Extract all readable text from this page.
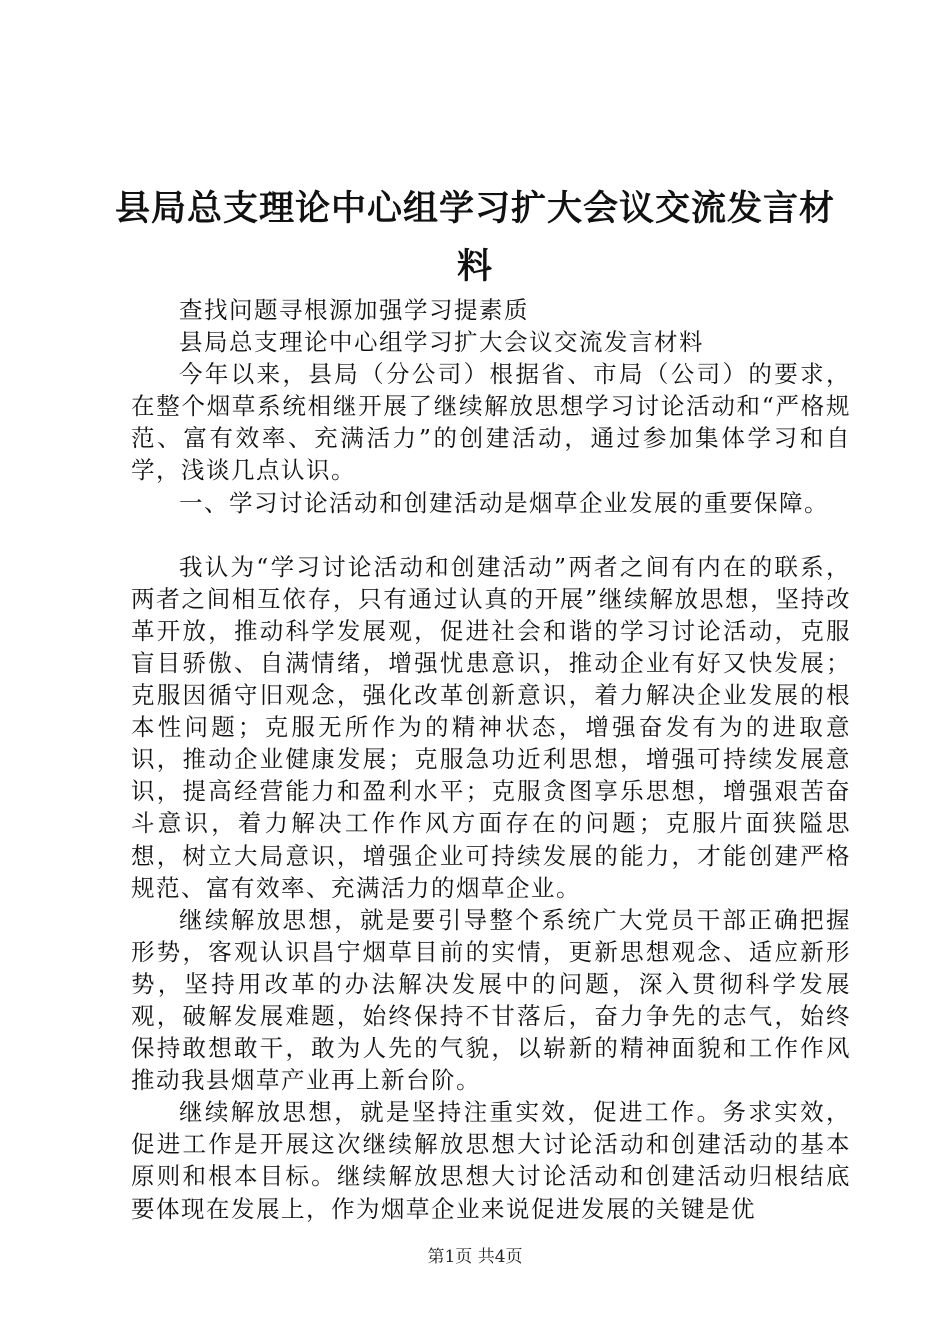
县局总支理论中心组学习扩大会议交流发言材料

查找问题寻根源加强学习提素质

县局总支理论中心组学习扩大会议交流发言材料

今年以来，县局（分公司）根据省、市局（公司）的要求，在整个烟草系统相继开展了继续解放思想学习讨论活动和“严格规范、富有效率、充满活力”的创建活动，通过参加集体学习和自学，浅谈几点认识。

一、学习讨论活动和创建活动是烟草企业发展的重要保障。

我认为“学习讨论活动和创建活动”两者之间有内在的联系，两者之间相互依存，只有通过认真的开展”继续解放思想，坚持改革开放，推动科学发展观，促进社会和谐的学习讨论活动，克服盲目骄傲、自满情绪，增强忧患意识，推动企业有好又快发展；克服因循守旧观念，强化改革创新意识，着力解决企业发展的根本性问题；克服无所作为的精神状态，增强奋发有为的进取意识，推动企业健康发展；克服急功近利思想，增强可持续发展意识，提高经营能力和盈利水平；克服贪图享乐思想，增强艰苦奋斗意识，着力解决工作作风方面存在的问题；克服片面狭隘思想，树立大局意识，增强企业可持续发展的能力，才能创建严格规范、富有效率、充满活力的烟草企业。

继续解放思想，就是要引导整个系统广大党员干部正确把握形势，客观认识昌宁烟草目前的实情，更新思想观念、适应新形势，坚持用改革的办法解决发展中的问题，深入贯彻科学发展观，破解发展难题，始终保持不甘落后，奋力争先的志气，始终保持敢想敢干，敢为人先的气貌，以崭新的精神面貌和工作作风推动我县烟草产业再上新台阶。

继续解放思想，就是坚持注重实效，促进工作。务求实效，促进工作是开展这次继续解放思想大讨论活动和创建活动的基本原则和根本目标。继续解放思想大讨论活动和创建活动归根结底要体现在发展上，作为烟草企业来说促进发展的关键是优

第1页 共4页
